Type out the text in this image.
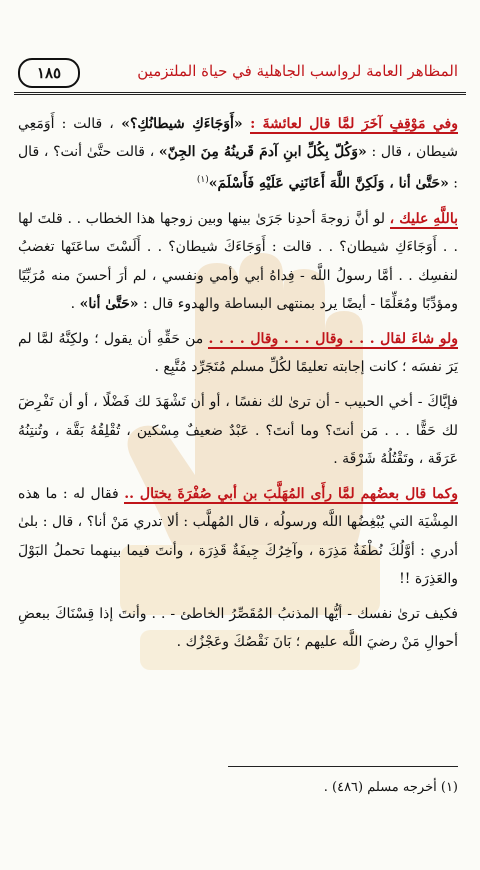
المظاهر العامة لرواسب الجاهلية في حياة الملتزمين
١٨٥

وفي مَوْقِفٍ آخَرَ لمَّا قال لعائشةَ : «أَوَجَاءَكِ شيطانُكِ؟» ، قالت : أَوَمَعِي شيطان ، قال : «وَكُلّ بِكُلِّ ابنِ آدمَ قَرينُهُ مِنَ الجِنّ» ، قالت حتَّىٰ أنت؟ ، قال : «حَتَّىٰ أنا ، وَلَكِنَّ اللَّهَ أَعَانَنِي عَلَيْهِ فَأَسْلَمَ»$^{(١)}$

باللَّهِ عليك ، لو أنَّ زوجةَ أحدِنا جَرَىٰ بينها وبين زوجها هذا الخطاب . . قلتَ لها . . أَوَجَاءَكِ شيطان؟ . . قالت : أَوَجَاءَكَ شيطان؟ . . أَلَسْتَ ساعَتَها تغضبُ لنفسِك . . أمَّا رسولُ اللَّه - فِداهُ أبي وأمي ونفسي ، لم أرَ أحسنَ منه مُرَبِّيًا ومؤدِّبًا ومُعَلِّمًا - أيضًا يرد بمنتهى البساطة والهدوء قال : «حَتَّىٰ أنا» .

ولو شاءَ لقال . . . وقال . . . وقال . . . . من حَقِّهِ أن يقول ؛ ولكِنَّهُ لمَّا لم يَرَ نفسَه ؛ كانت إجابته تعليمًا لكُلِّ مسلم مُتَجَرِّد مُتَّبِع .

فإيَّاكَ - أخي الحبيب - أن ترىٰ لك نفسًا ، أو أن تَشْهَدَ لك فَضْلًا ، أو أن تَفْرِضَ لك حَقًّا . . . مَن أنتَ؟ وما أنتَ؟ . عَبْدٌ ضعيفٌ مِسْكين ، تُقْلِقُهُ بَقَّة ، وتُنتِنُهُ عَرَقَة ، وتَقْتُلُهُ شَرْقَة .

وكما قال بعضُهم لمَّا رأَى المُهَلَّبَ بن أبي صُفْرَةَ يختال .. فقال له : ما هذه المِشْيَة التي يُبْغِضُها اللَّه ورسولُه ، قال المُهلَّب : ألا تدري مَنْ أنا؟ ، قال : بلىٰ أدري : أوَّلُكَ نُطْفَةٌ مَذِرَة ، وآخِرُكَ جِيفَةٌ قَذِرَة ، وأنتَ فيما بينهما تحملُ البَوْلَ والعَذِرَة !!

فكيف ترىٰ نفسك - أيُّها المذنبُ المُقَصِّرُ الخاطئ - . . وأنتَ إذا قِسْنَاكَ ببعضِ أحوالِ مَنْ رضيَ اللَّه عليهم ؛ بَانَ نَقْصُكَ وعَجْزُك .

(١) أخرجه مسلم (٤٨٦) .
